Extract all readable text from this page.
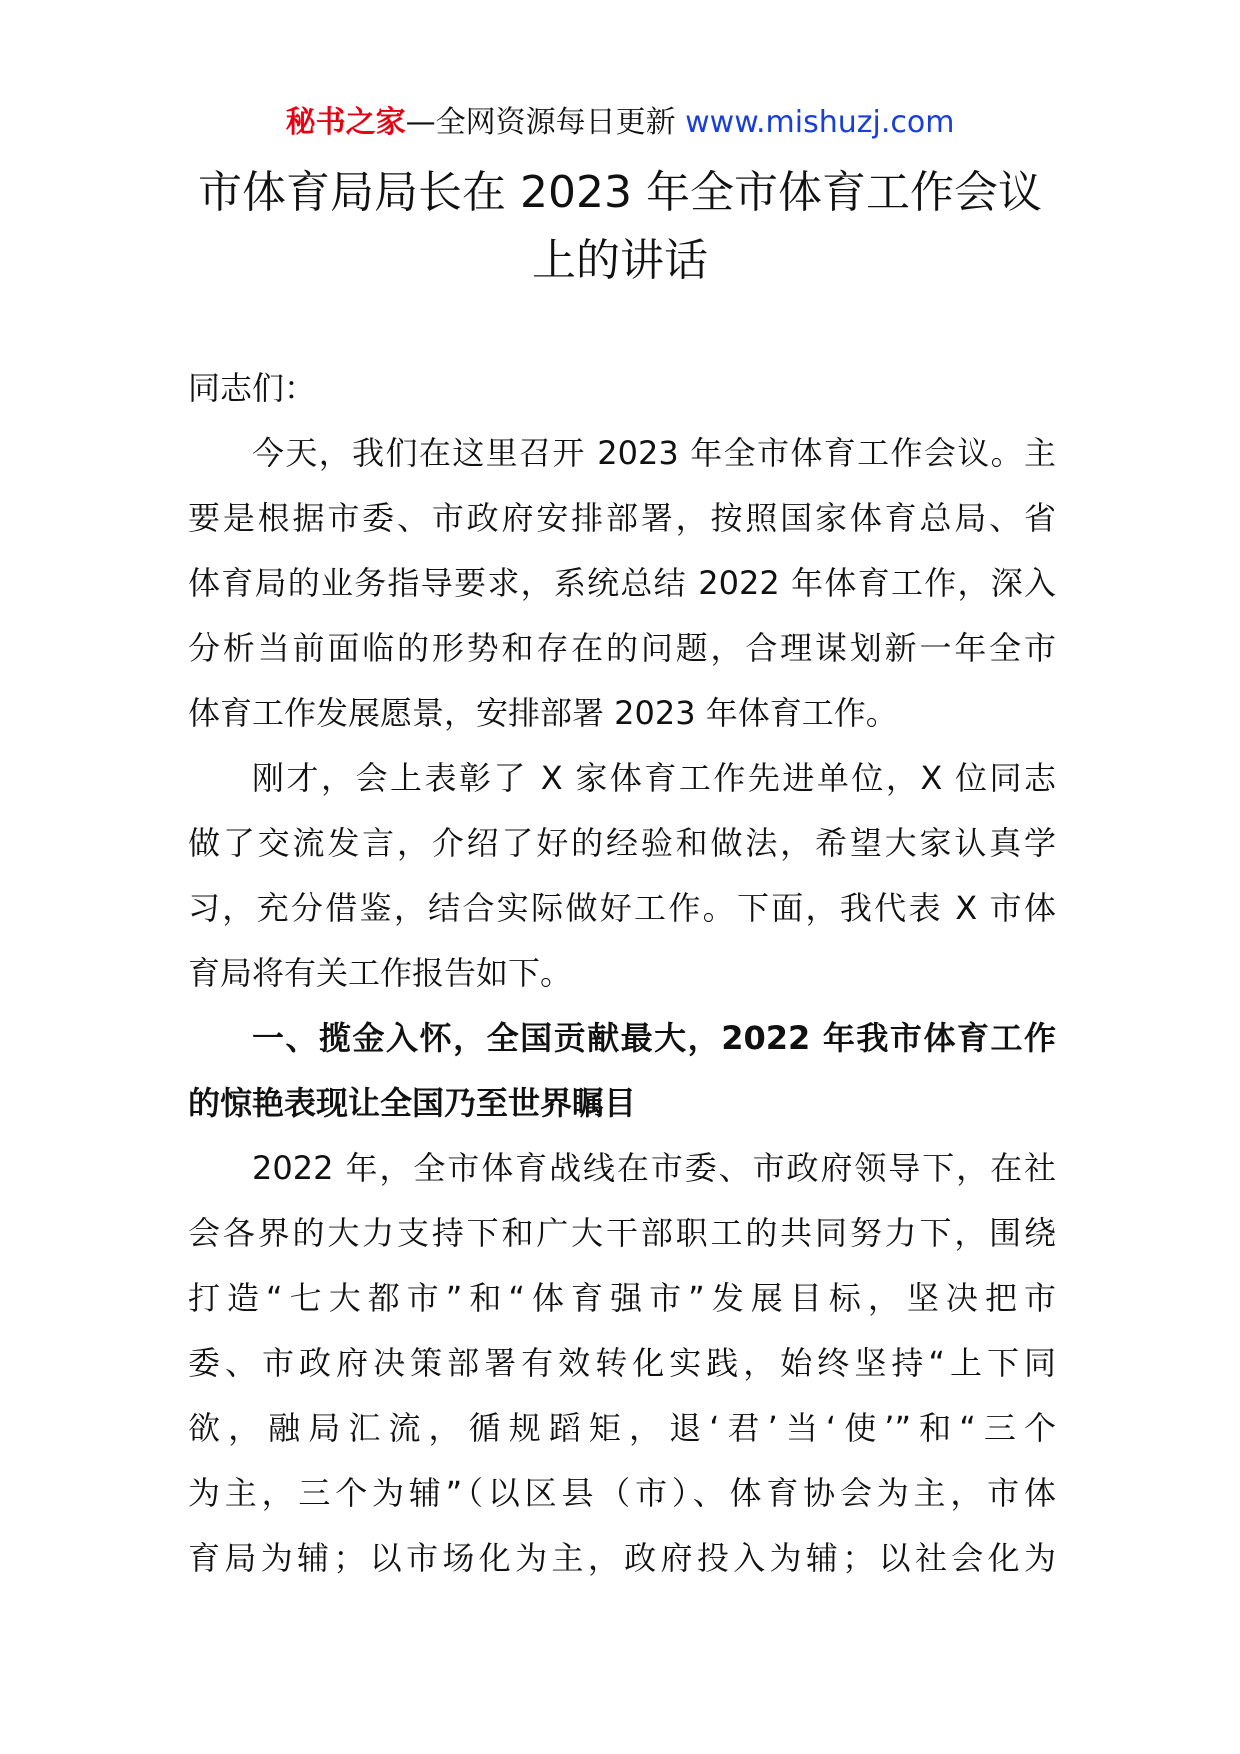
秘书之家—全网资源每日更新 www.mishuzj.com
市体育局局长在 2023 年全市体育工作会议
上的讲话
同志们：
今天，我们在这里召开 2023 年全市体育工作会议。主
要是根据市委、市政府安排部署，按照国家体育总局、省
体育局的业务指导要求，系统总结 2022 年体育工作，深入
分析当前面临的形势和存在的问题，合理谋划新一年全市
体育工作发展愿景，安排部署 2023 年体育工作。
刚才，会上表彰了 X 家体育工作先进单位，X 位同志
做了交流发言，介绍了好的经验和做法，希望大家认真学
习，充分借鉴，结合实际做好工作。下面，我代表 X 市体
育局将有关工作报告如下。
一、揽金入怀，全国贡献最大，2022 年我市体育工作
的惊艳表现让全国乃至世界瞩目
2022 年，全市体育战线在市委、市政府领导下，在社
会各界的大力支持下和广大干部职工的共同努力下，围绕
打造“七大都市”和“体育强市”发展目标，坚决把市
委、市政府决策部署有效转化实践，始终坚持“上下同
欲，融局汇流，循规蹈矩，退‘君’当‘使’”和“三个
为主，三个为辅”（以区县（市）、体育协会为主，市体
育局为辅；以市场化为主，政府投入为辅；以社会化为
